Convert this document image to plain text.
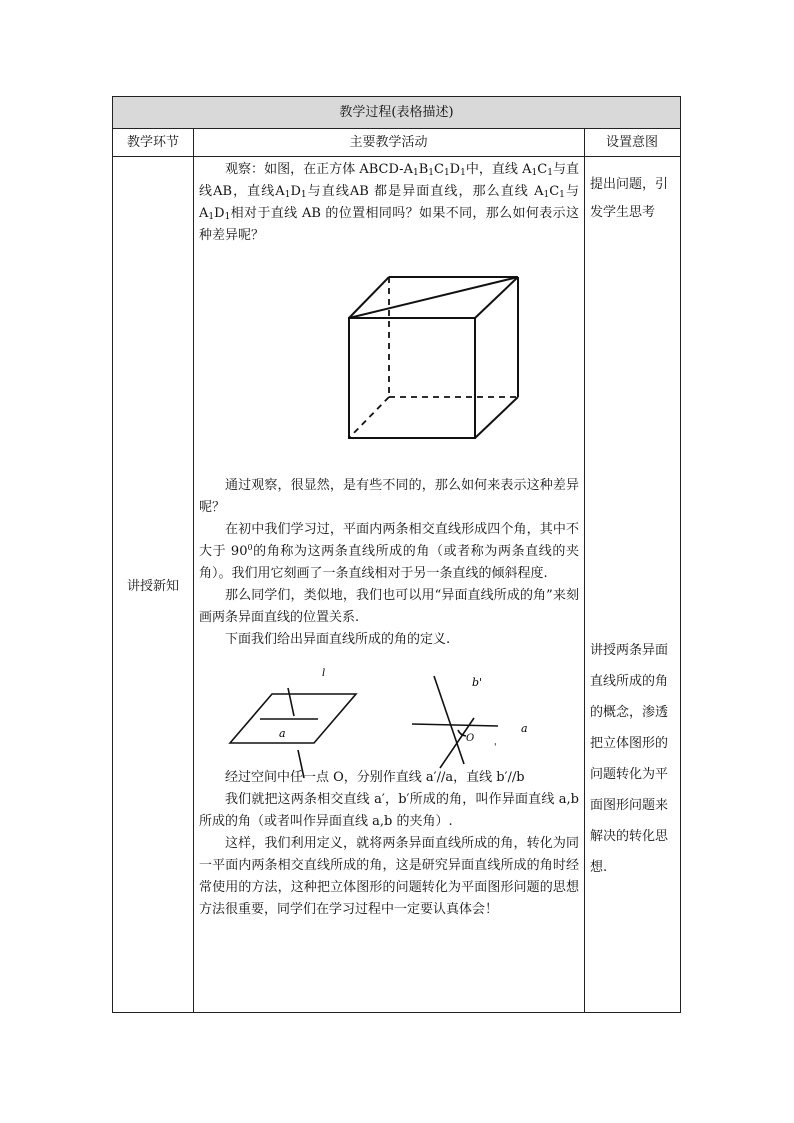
教学过程(表格描述)
教学环节	主要教学活动	设置意图
讲授新知

观察：如图，在正方体 ABCD-$A_1B_1C_1D_1$中，直线 $A_1C_1$与直线AB，直线$A_1D_1$与直线AB 都是异面直线，那么直线 $A_1C_1$与 $A_1D_1$相对于直线 AB 的位置相同吗？如果不同，那么如何表示这种差异呢？

通过观察，很显然，是有些不同的，那么如何来表示这种差异呢？

在初中我们学习过，平面内两条相交直线形成四个角，其中不大于 $90^0$的角称为这两条直线所成的角（或者称为两条直线的夹角）。我们用它刻画了一条直线相对于另一条直线的倾斜程度.

那么同学们，类似地，我们也可以用“异面直线所成的角”来刻画两条异面直线的位置关系.

下面我们给出异面直线所成的角的定义.

经过空间中任一点 O，分别作直线 a′//a，直线 b′//b

我们就把这两条相交直线 a′，b′所成的角，叫作异面直线 a,b 所成的角（或者叫作异面直线 a,b 的夹角）.

这样，我们利用定义，就将两条异面直线所成的角，转化为同一平面内两条相交直线所成的角，这是研究异面直线所成的角时经常使用的方法，这种把立体图形的问题转化为平面图形问题的思想方法很重要，同学们在学习过程中一定要认真体会！

提出问题，引发学生思考

讲授两条异面直线所成的角的概念，渗透把立体图形的问题转化为平面图形问题来解决的转化思想.

l
a
b'
a
O
'
